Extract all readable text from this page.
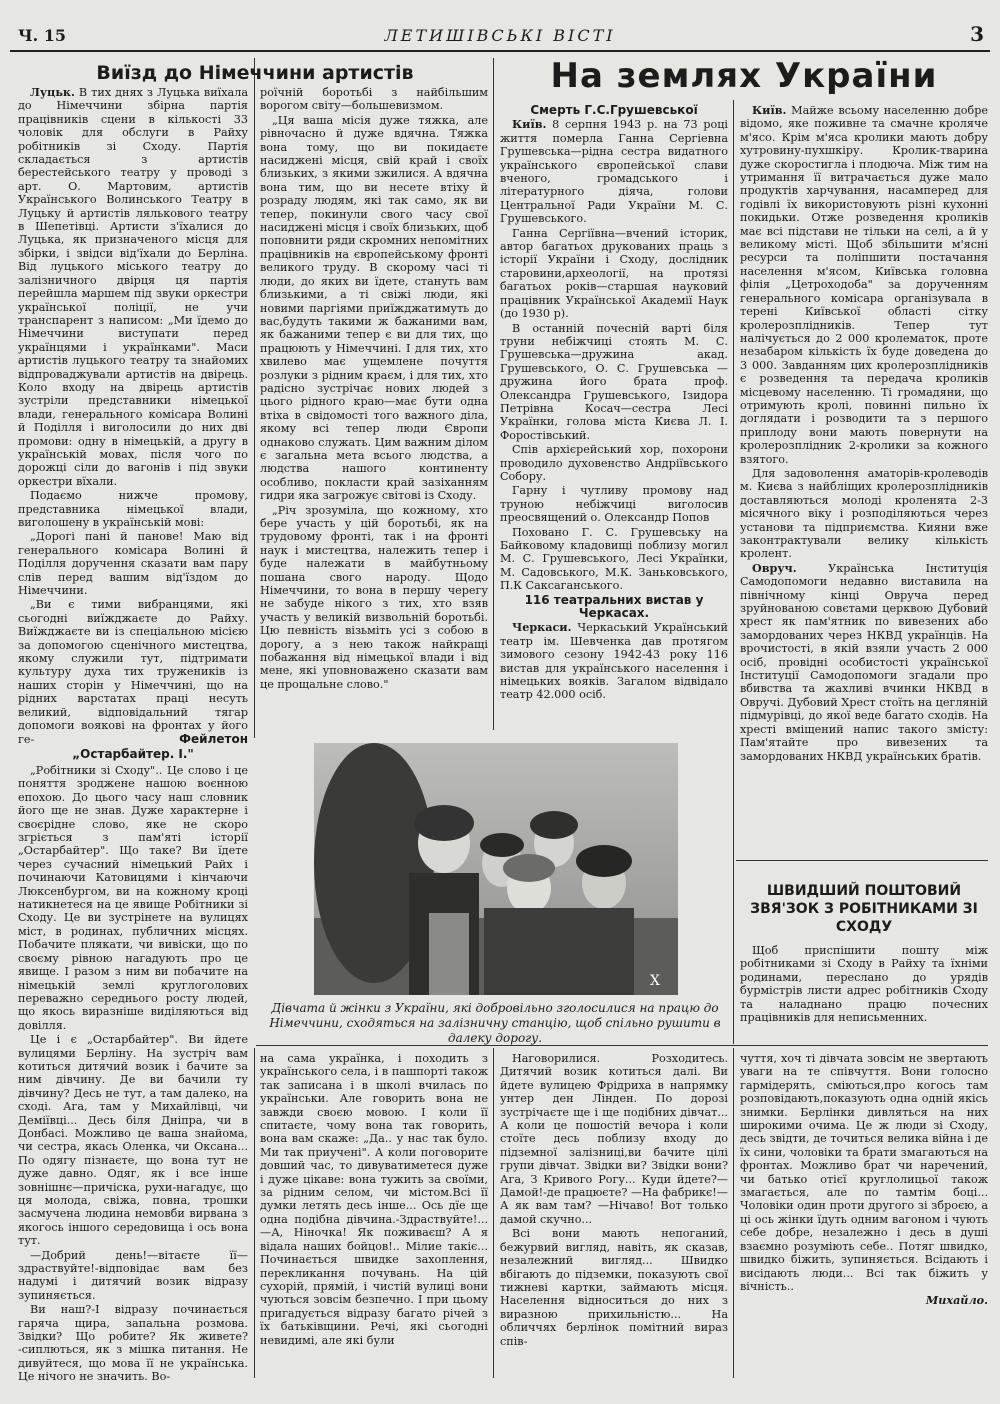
Ч. 15	ЛЕТИШІВСЬКІ ВІСТІ	3
Виїзд до Німеччини артистів

Луцьк. В тих днях з Луцька виїхала до Німеччини збірна партія працівників сцени в кількості 33 чоловік для обслуги в Райху робітників зі Сходу. Партія складається з артистів берестейського театру у проводі з арт. О. Мартовим, артистів Українського Волинського Театру в Луцьку й артистів лялькового театру в Шепетівці. Артисти з'їхалися до Луцька, як призначеного місця для збірки, і звідси від'їхали до Берліна. Від луцького міського театру до залізничного двірця ця партія перейшла маршем під звуки оркестри української поліції, не учи транспарент з написом: „Ми їдемо до Німеччини виступати перед українцями і українками". Маси артистів луцького театру та знайомих відпроваджували артистів на двірець. Коло входу на двірець артистів зустріли представники німецької влади, генерального комісара Волині й Поділля і виголосили до них дві промови: одну в німецькій, а другу в українській мовах, після чого по дорожці сіли до вагонів і під звуки оркестри вїхали.

Подаємо нижче промову, представника німецької влади, виголошену в українській мові:

„Дорогі пані й панове! Маю від генерального комісара Волині й Поділля доручення сказати вам пару слів перед вашим від'їздом до Німеччини.

„Ви є тими вибранцями, які сьогодні виїжджаєте до Райху. Виїжджаєте ви із спеціальною місією за допомогою сценічного мистецтва, якому служили тут, підтримати культуру духа тих тружеників із наших сторін у Німеччині, що на рідних варстатах праці несуть великий, відповідальний тягар допомоги воякові на фронтах у його ге-

роїчній боротьбі з найбільшим ворогом світу—большевизмом.

„Ця ваша місія дуже тяжка, але рівночасно й дуже вдячна. Тяжка вона тому, що ви покидаєте насиджені місця, свій край і своїх близьких, з якими зжилися. А вдячна вона тим, що ви несете втіху й розраду людям, які так само, як ви тепер, покинули свого часу свої насиджені місця і своїх близьких, щоб поповнити ряди скромних непомітних працівників на європейському фронті великого труду. В скорому часі ті люди, до яких ви їдете, стануть вам близькими, а ті свіжі люди, які новими паргіями приїжджатимуть до вас,будуть такими ж бажаними вам, як бажаними тепер є ви для тих, що працюють у Німеччині. І для тих, хто хвилево має ущемлене почуття розлуки з рідним краєм, і для тих, хто радісно зустрічає нових людей з цього рідного краю—має бути одна втіха в свідомості того важного діла, якому всі тепер люди Європи однаково служать. Цим важним ділом є загальна мета всього людства, а людства нашого континенту особливо, покласти край зазіханням гидри яка загрожує світові із Сходу.

„Річ зрозуміла, що кожному, хто бере участь у цій боротьбі, як на трудовому фронті, так і на фронті наук і мистецтва, належить тепер і буде належати в майбутньому пошана свого народу. Щодо Німеччини, то вона в першу черегу не забуде нікого з тих, хто взяв участь у великій визвольній боротьбі. Цю певність візьміть усі з собою в дорогу, а з нею також найкращі побажання від німецької влади і від мене, які уповноважено сказати вам це прощальне слово."

На землях України

Смерть Г.С.Грушевської

Київ. 8 серпня 1943 р. на 73 році життя померла Ганна Сергіевна Грушевська—рідна сестра видатного українського європейської слави вченого, громадського і літературного діяча, голови Центральної Ради України М. С. Грушевського.

Ганна Сергіївна—вчений історик, автор багатьох друкованих праць з історії України і Сходу, дослідник старовини,археології, на протязі багатьох років—старшая науковий працівник Української Академії Наук (до 1930 р).

В останній почесній варті біля труни небіжчиці стоять М. С. Грушевська—дружина акад. Грушевського, О. С. Грушевська — дружина його брата проф. Олександра Грушевського, Ізидора Петрівна Косач—сестра Лесі Українки, голова міста Києва Л. І. Форостівський.

Спів архієрейський хор, похорони проводило духовенство Андріївського Собору.

Гарну і чутливу промову над труною небіжчиці виголосив преосвящений о. Олександр Попов

Поховано Г. С. Грушевську на Байковому кладовищі поблизу могил М. С. Грушевського, Лесі Українки, М. Садовського, М.К. Заньковського, П.К Саксаганського.

116 театральних вистав у Черкасах.

Черкаси. Черкаський Український театр ім. Шевченка дав протягом зимового сезону 1942-43 року 116 вистав для українського населення і німецьких вояків. Загалом відвідало театр 42.000 осіб.

Київ. Майже всьому населенню добре відомо, яке поживне та смачне кроляче м'ясо. Крім м'яса кролики мають добру хутровину-пухшкіру. Кролик-тварина дуже скоростигла і плодюча. Між тим на утримання її витрачається дуже мало продуктів харчування, насамперед для годівлі їх використовують різні кухонні покидьки. Отже розведення кроликів має всі підстави не тільки на селі, а й у великому місті. Щоб збільшити м'ясні ресурси та поліпшити постачання населення м'ясом, Київська головна філія „Цетроходоба" за дорученням генерального комісара організувала в терені Київської області сітку кролерозплідників. Тепер тут налічується до 2 000 кролематок, проте незабаром кількість їх буде доведена до 3 000. Завданням цих кролерозплідників є розведення та передача кроликів місцевому населенню. Ті громадяни, що отримують кролі, повинні пильно їх доглядати і розводити та з першого приплоду вони мають повернути на кролерозплідник 2-кролики за кожного взятого.

Для задоволення аматорів-кролеводів м. Києва з найбліщих кролерозплідників доставляються молоді кроленята 2-3 місячного віку і розподіляються через установи та підприємства. Кияни вже законтрактували велику кількість кролент.

Овруч.	Українська Інституція Самодопомоги недавно виставила на північному кінці Овруча перед зруйнованою совєтами церквою Дубовий хрест як пам'ятник по вивезених або замордованих через НКВД українців. На врочистості, в якій взяли участь 2 000 осіб, провідні особистості української Інституції Самодопомоги згадали про вбивства та жахливі вчинки НКВД в Овручі. Дубовий Хрест стоїть на цегляній підмурівці, до якої веде багато сходів. На хресті вміщений напис такого змісту: Пам'ятайте про вивезених та замордованих НКВД українських братів.

ШВИДШИЙ ПОШТОВИЙ ЗВЯ'ЗОК З РОБІТНИКАМИ ЗІ СХОДУ

Щоб приспішити пошту між робітниками зі Сходу в Райху та їхніми родинами, переслано до урядів бурмістрів листи адрес робітників Сходу та наладнано працю почесних працівників для неписьменних.

Фейлетон
„Остарбайтер. І."

„Робітники зі Сходу".. Це слово і це поняття зроджене нашою воєнною епохою. До цього часу наш словник його ще не знав. Дуже характерне і своєрідне слово, яке не скоро згріється з пам'яті історії „Остарбайтер". Що таке? Ви їдете через сучасний німецький Райх і починаючи Катовицями і кінчаючи Люксенбургом, ви на кожному кроці натикнетеся на це явище Робітники зі Сходу. Це ви зустрінете на вулицях міст, в родинах, публичних місцях. Побачите плякати, чи вивіски, що по своєму рівною нагадують про це явище. І разом з ним ви побачите на німецькій землі круглоголових переважно середнього росту людей, що якось виразніше виділяються від довілля.

Це і є „Остарбайтер". Ви йдете вулицями Берліну. На зустріч вам котиться дитячий возик і бачите за ним дівчину. Де ви бачили ту дівчину? Десь не тут, а там далеко, на сході. Ага, там у Михайлівці, чи Деміївці... Десь біля Дніпра, чи в Донбасі. Можливо це ваша знайома, чи сестра, якась Оленка, чи Оксана... По одягу пізнаєте, що вона тут не дуже давно. Одяг, як і все інше зовнішнє—причіска, рухи-нагадує, що ця молода, свіжа, повна, трошки засмучена людина немовби вирвана з якогось іншого середовища і ось вона тут.

—Добрий день!—вітаєте її—здраствуйте!-відповідає вам без надумі і дитячий возик відразу зупиняється.

Ви наш?-І відразу починається гаряча щира, запальна розмова. Звідки? Що робите? Як живете? -сиплються, як з мішка питання. Не дивуйтеся, що мова її не українська. Це нічого не значить. Во-

Х
Дівчата й жінки з України, які добровільно зголосилися на працю до Німеччини, сходяться на залізничну станцію, щоб спільно рушити в далеку дорогу.

на сама українка, і походить з українського села, і в пашпорті також так записана і в школі вчилась по українськи. Але говорить вона не завжди своєю мовою. І коли її спитаєте, чому вона так говорить, вона вам скаже: „Да.. у нас так було. Ми так приучені". А коли поговорите довший час, то дивуватиметеся дуже і дуже цікаве: вона тужить за своїми, за рідним селом, чи містом.Всі її думки летять десь інше... Ось дїе ще одна подібна дівчина.-Здраствуйте!...—А, Ніночка! Як поживаєш? А я відала наших бойцов!.. Мілие такіє... Починається швидке захоплення, перекликання почувань. На цій сухорій, прямій, і чистій вулиці вони чуються зовсім безпечно. І при цьому пригадується відразу багато річей з їх батьківщини. Речі, які сьогодні невидимі, але які були

Наговорилися. Розходитесь. Дитячий возик котиться далі. Ви йдете вулицею Фрідриха в напрямку унтер ден Лінден. По дорозі зустрічаєте ще і ще подібних дівчат... А коли це пошостій вечора і коли стоїте десь поблизу входу до підземної залізниці,ви бачите цілі групи дівчат. Звідки ви? Звідки вони? Ага, З Кривого Рогу... Куди йдете?—Дамой!-де працюєте? —На фабрикє!—А як вам там? —Нічаво! Вот только дамой скучно...

Всі вони мають непоганий, бежурвий вигляд, навіть, як сказав, незалежний вигляд... Швидко вбігають до підземки, показують свої тижневі картки, займають місця. Населення відноситься до них з виразною прихильністю... На обличчях берлінок помітний вираз спів-

чуття, хоч ті дівчата зовсім не звертають уваги на те співчуття. Вони голосно гармідерять, сміються,про когось там розповідають,показують одна одній якісь знимки. Берлінки дивляться на них широкими очима. Це ж люди зі Сходу, десь звідти, де точиться велика війна і де їх сини, чоловіки та брати змагаються на фронтах. Можливо брат чи наречений, чи батько отієї круглолицьої також змагається, але по тамтім боці... Чоловіки один проти другого зі зброєю, а ці ось жінки їдуть одним вагоном і чують себе добре, незалежно і десь в душі взаємно розуміють себе.. Потяг швидко, швидко біжить, зупиняється. Всідають і висідають люди... Всі так біжить у вічність..

Михайло.
